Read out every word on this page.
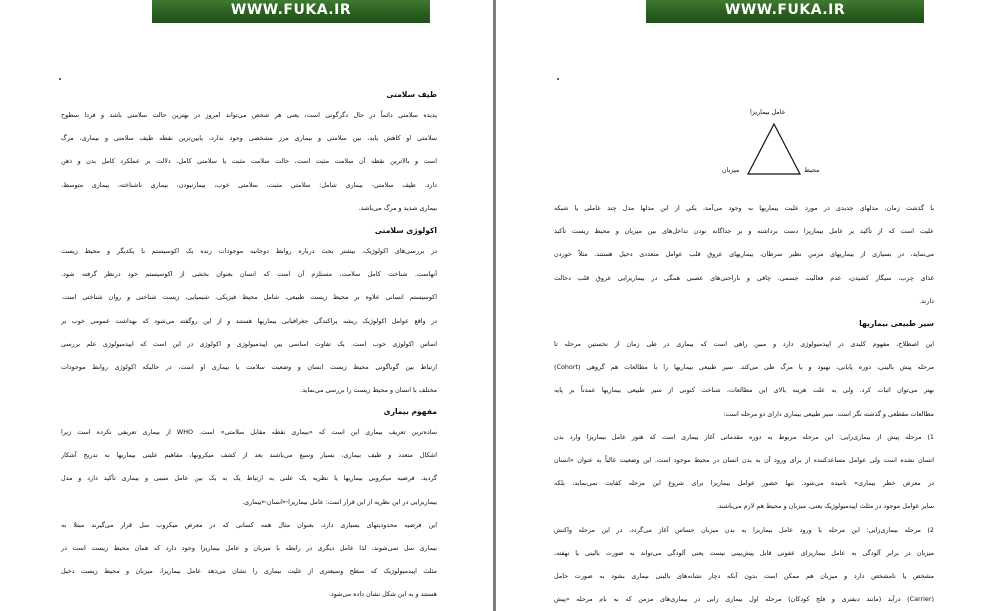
WWW.FUKA.IR
طیف سلامتی

پدیده سلامتی دائماً در حال دگرگونی است، یعنی هر شخص می‌تواند امروز در بهترین حالت سلامتی باشد و فردا سطوح

سلامتی او کاهش یابد، بین سلامتی و بیماری مرز مشخصی وجود ندارد، پایین‌ترین نقطه طیف سلامتی و بیماری، مرگ

است و بالاترین نقطه آن سلامت مثبت است، حالت سلامت مثبت یا سلامتی کامل، دلالت بر عملکرد کامل بدن و ذهن

دارد. طیف سلامتی- بیماری شامل: سلامتی مثبت، سلامتی خوب، بیمارنبودن، بیماری ناشناخته، بیماری متوسط،

بیماری شدید و مرگ می‌باشد.

اکولوژی سلامتی

در بررسی‌های اکولوژیک، بیشتر بحث درباره روابط دوجانبه موجودات زنده یک اکوسیستم با یکدیگر و محیط زیست

آنهاست. شناخت کامل سلامت، مستلزم آن است که انسان بعنوان بخشی از اکوسیستم خود درنظر گرفته شود.

اکوسیستم انسانی علاوه بر محیط زیست طبیعی، شامل محیط فیزیکی، شیمیایی، زیست شناختی و روان شناختی است.

در واقع عوامل اکولوژیک ریشه پراکندگی جغرافیایی بیماریها هستند و از این روگفته می‌شود که بهداشت عمومی خوب بر

اساس اکولوژی خوب است. یک تفاوت اساسی بین اپیدمیولوژی و اکولوژی در این است که اپیدمیولوژی علم بررسی

ارتباط بین گوناگونی محیط زیست انسان و وضعیت سلامت یا بیماری او است، در حالیکه اکولوژی روابط موجودات

مختلف با انسان و محیط زیست را بررسی می‌نماید.

مفهوم بیماری

ساده‌ترین تعریف بیماری این است که «بیماری نقطه مقابل سلامتی» است. WHO از بیماری تعریفی نکرده است زیرا

اشکال متعدد و طیف بیماری، بسیار وسیع می‌باشند بعد از کشف میکروبها، مفاهیم علیتی بیماریها به تدریج آشکار

گردید. فرضیه میکروبی بیماریها یا نظریه یک علتی به ارتباط یک به یک بین عامل سببی و بیماری تأکید دارد و مدل

بیماریزایی در این نظریه از این قرار است: عامل بیماریزا←انسان←بیماری.

این فرضیه محدودیتهای بسیاری دارد، بعنوان مثال همه کسانی که در معرض میکروب سل قرار می‌گیرند مبتلا به

بیماری سل نمی‌شوند، لذا عامل دیگری در رابطه با میزبان و عامل بیماریزا وجود دارد که همان محیط زیست است در

مثلث اپیدمیولوژیک که سطح وسیعتری از علیت بیماری را نشان می‌دهد عامل بیماریزا، میزبان و محیط زیست دخیل

هستند و به این شکل نشان داده می‌شود.

WWW.FUKA.IR
عامل بیماریزا
میزبان	محیط

با گذشت زمان، مدلهای جدیدی در مورد علیت بیماریها به وجود می‌آمد، یکی از این مدلها مدل چند عاملی یا شبکه

علیت است که از تأکید بر عامل بیماریزا دست برداشته و بر جداگانه بودن تداخل‌های بین میزبان و محیط زیست تأکید

می‌نماید، در بسیاری از بیماریهای مزمن نظیر سرطان، بیماریهای عروق قلب عوامل متعددی دخیل هستند. مثلاً خوردن

غذای چرب، سیگار کشیدن، عدم فعالیت جسمی، چاقی و ناراحتی‌های عصبی همگی در بیماریزایی عروق قلب دخالت

دارند.

سیر طبیعی بیماریها

این اصطلاح، مفهوم کلیدی در اپیدمیولوژی دارد و مبین راهی است که بیماری در طی زمان از نخستین مرحله تا

مرحله پیش بالینی، دوره پایانی، بهبود و یا مرگ طی می‌کند. سیر طبیعی بیماریها را با مطالعات هم گروهی (Cohort)

بهتر می‌توان اثبات کرد. ولی به علت هزینه بالای این مطالعات، شناخت کنونی از سیر طبیعی بیماریها عمدتاً بر پایه

مطالعات مقطعی و گذشته نگر است. سیر طبیعی بیماری دارای دو مرحله است:

1) مرحله پیش از بیماری‌زایی: این مرحله مربوط به دوره مقدماتی آغاز بیماری است که هنوز عامل بیماریزا وارد بدن

انسان نشده است ولی عوامل مساعدکننده از برای ورود آن به بدن انسان در محیط موجود است. این وضعیت غالباً به عنوان «انسان

در معرض خطر بیماری» نامیده می‌شود. تنها حضور عوامل بیماریزا برای شروع این مرحله کفایت نمی‌نماید، بلکه

سایر عوامل موجود در مثلث اپیدمیولوژیک یعنی، میزبان و محیط هم لازم می‌باشند.

2) مرحله بیماری‌زایی: این مرحله با ورود عامل بیماریزا به بدن میزبان حساس آغاز می‌گردد، در این مرحله واکنش

میزبان در برابر آلودگی به عامل بیماریزای عفونی قابل پیش‌بینی نیست یعنی آلودگی می‌تواند به صورت بالینی یا نهفته،

مشخص یا نامشخص دارد و میزبان هم ممکن است بدون آنکه دچار نشانه‌های بالینی بیماری بشود به صورت حامل

(Carrier) درآید (مانند دیفتری و فلج کودکان) مرحله اول بیماری زایی در بیماری‌های مزمن که به نام مرحله «پیش
